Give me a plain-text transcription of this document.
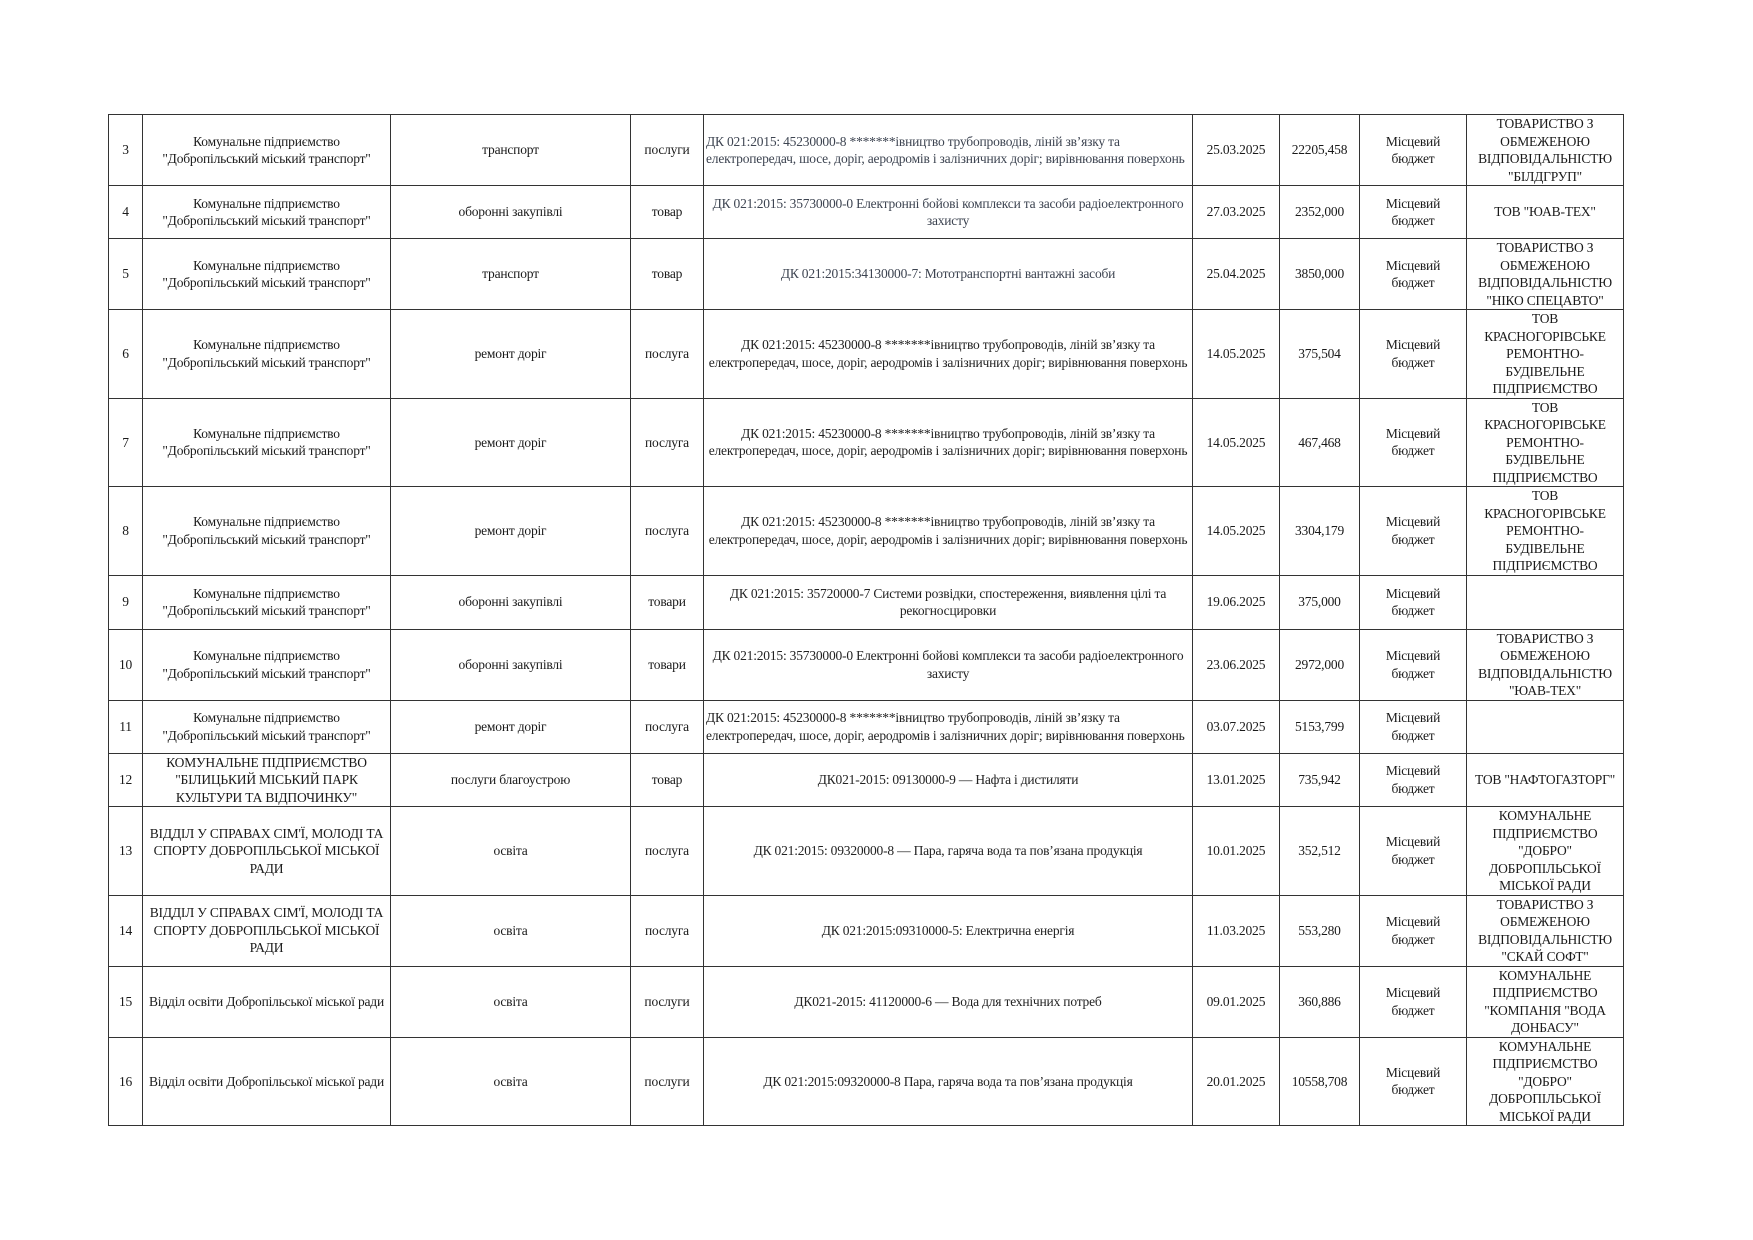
3	Комунальне підприємство "Добропільський міський транспорт"	транспорт	послуги	ДК 021:2015: 45230000-8 *******івництво трубопроводів, ліній зв’язку та електропередач, шосе, доріг, аеродромів і залізничних доріг; вирівнювання поверхонь	25.03.2025	22205,458	Місцевий бюджет	ТОВАРИСТВО З ОБМЕЖЕНОЮ ВІДПОВІДАЛЬНІСТЮ "БІЛДГРУП"
4	Комунальне підприємство "Добропільський міський транспорт"	оборонні закупівлі	товар	ДК 021:2015: 35730000-0 Електронні бойові комплекси та засоби радіоелектронного захисту	27.03.2025	2352,000	Місцевий бюджет	ТОВ "ЮАВ-ТЕХ"
5	Комунальне підприємство "Добропільський міський транспорт"	транспорт	товар	ДК 021:2015:34130000-7: Мототранспортні вантажні засоби	25.04.2025	3850,000	Місцевий бюджет	ТОВАРИСТВО З ОБМЕЖЕНОЮ ВІДПОВІДАЛЬНІСТЮ "НІКО СПЕЦАВТО"
6	Комунальне підприємство "Добропільський міський транспорт"	ремонт доріг	послуга	ДК 021:2015: 45230000-8 *******івництво трубопроводів, ліній зв’язку та електропередач, шосе, доріг, аеродромів і залізничних доріг; вирівнювання поверхонь	14.05.2025	375,504	Місцевий бюджет	ТОВ КРАСНОГОРІВСЬКЕ РЕМОНТНО-БУДІВЕЛЬНЕ ПІДПРИЄМСТВО
7	Комунальне підприємство "Добропільський міський транспорт"	ремонт доріг	послуга	ДК 021:2015: 45230000-8 *******івництво трубопроводів, ліній зв’язку та електропередач, шосе, доріг, аеродромів і залізничних доріг; вирівнювання поверхонь	14.05.2025	467,468	Місцевий бюджет	ТОВ КРАСНОГОРІВСЬКЕ РЕМОНТНО-БУДІВЕЛЬНЕ ПІДПРИЄМСТВО
8	Комунальне підприємство "Добропільський міський транспорт"	ремонт доріг	послуга	ДК 021:2015: 45230000-8 *******івництво трубопроводів, ліній зв’язку та електропередач, шосе, доріг, аеродромів і залізничних доріг; вирівнювання поверхонь	14.05.2025	3304,179	Місцевий бюджет	ТОВ КРАСНОГОРІВСЬКЕ РЕМОНТНО-БУДІВЕЛЬНЕ ПІДПРИЄМСТВО
9	Комунальне підприємство "Добропільський міський транспорт"	оборонні закупівлі	товари	ДК 021:2015: 35720000-7 Системи розвідки, спостереження, виявлення цілі та рекогносцировки	19.06.2025	375,000	Місцевий бюджет	
10	Комунальне підприємство "Добропільський міський транспорт"	оборонні закупівлі	товари	ДК 021:2015: 35730000-0 Електронні бойові комплекси та засоби радіоелектронного захисту	23.06.2025	2972,000	Місцевий бюджет	ТОВАРИСТВО З ОБМЕЖЕНОЮ ВІДПОВІДАЛЬНІСТЮ "ЮАВ-ТЕХ"
11	Комунальне підприємство "Добропільський міський транспорт"	ремонт доріг	послуга	ДК 021:2015: 45230000-8 *******івництво трубопроводів, ліній зв’язку та електропередач, шосе, доріг, аеродромів і залізничних доріг; вирівнювання поверхонь	03.07.2025	5153,799	Місцевий бюджет	
12	КОМУНАЛЬНЕ ПІДПРИЄМСТВО "БІЛИЦЬКИЙ МІСЬКИЙ ПАРК КУЛЬТУРИ ТА ВІДПОЧИНКУ"	послуги благоустрою	товар	ДК021-2015: 09130000-9 — Нафта і дистиляти	13.01.2025	735,942	Місцевий бюджет	ТОВ "НАФТОГАЗТОРГ"
13	ВІДДІЛ У СПРАВАХ СІМ'Ї, МОЛОДІ ТА СПОРТУ ДОБРОПІЛЬСЬКОЇ МІСЬКОЇ РАДИ	освіта	послуга	ДК 021:2015: 09320000-8 — Пара, гаряча вода та пов’язана продукція	10.01.2025	352,512	Місцевий бюджет	КОМУНАЛЬНЕ ПІДПРИЄМСТВО "ДОБРО" ДОБРОПІЛЬСЬКОЇ МІСЬКОЇ РАДИ
14	ВІДДІЛ У СПРАВАХ СІМ'Ї, МОЛОДІ ТА СПОРТУ ДОБРОПІЛЬСЬКОЇ МІСЬКОЇ РАДИ	освіта	послуга	ДК 021:2015:09310000-5: Електрична енергія	11.03.2025	553,280	Місцевий бюджет	ТОВАРИСТВО З ОБМЕЖЕНОЮ ВІДПОВІДАЛЬНІСТЮ "СКАЙ СОФТ"
15	Відділ освіти Добропільської міської ради	освіта	послуги	ДК021-2015: 41120000-6 — Вода для технічних потреб	09.01.2025	360,886	Місцевий бюджет	КОМУНАЛЬНЕ ПІДПРИЄМСТВО "КОМПАНІЯ "ВОДА ДОНБАСУ"
16	Відділ освіти Добропільської міської ради	освіта	послуги	ДК 021:2015:09320000-8 Пара, гаряча вода та пов’язана продукція	20.01.2025	10558,708	Місцевий бюджет	КОМУНАЛЬНЕ ПІДПРИЄМСТВО "ДОБРО" ДОБРОПІЛЬСЬКОЇ МІСЬКОЇ РАДИ
